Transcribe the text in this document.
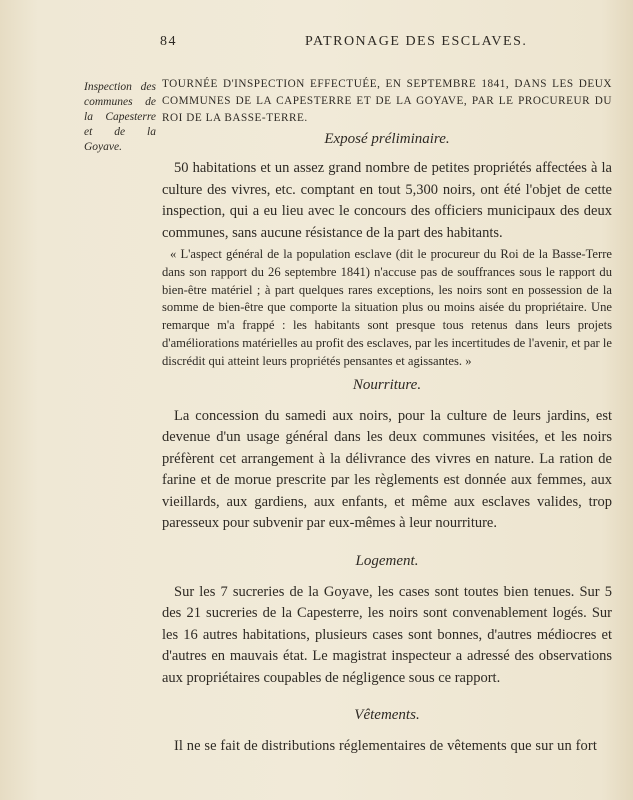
84	PATRONAGE DES ESCLAVES.
Inspection des communes de la Capesterre et de la Goyave.

TOURNÉE D'INSPECTION EFFECTUÉE, EN SEPTEMBRE 1841, DANS LES DEUX COMMUNES DE LA CAPESTERRE ET DE LA GOYAVE, PAR LE PROCUREUR DU ROI DE LA BASSE-TERRE.

Exposé préliminaire.

50 habitations et un assez grand nombre de petites propriétés affectées à la culture des vivres, etc. comptant en tout 5,300 noirs, ont été l'objet de cette inspection, qui a eu lieu avec le concours des officiers municipaux des deux communes, sans aucune résistance de la part des habitants.

« L'aspect général de la population esclave (dit le procureur du Roi de la Basse-Terre dans son rapport du 26 septembre 1841) n'accuse pas de souffrances sous le rapport du bien-être matériel ; à part quelques rares exceptions, les noirs sont en possession de la somme de bien-être que comporte la situation plus ou moins aisée du propriétaire. Une remarque m'a frappé : les habitants sont presque tous retenus dans leurs projets d'améliorations matérielles au profit des esclaves, par les incertitudes de l'avenir, et par le discrédit qui atteint leurs propriétés pensantes et agissantes. »

Nourriture.

La concession du samedi aux noirs, pour la culture de leurs jardins, est devenue d'un usage général dans les deux communes visitées, et les noirs préfèrent cet arrangement à la délivrance des vivres en nature. La ration de farine et de morue prescrite par les règlements est donnée aux femmes, aux vieillards, aux gardiens, aux enfants, et même aux esclaves valides, trop paresseux pour subvenir par eux-mêmes à leur nourriture.

Logement.

Sur les 7 sucreries de la Goyave, les cases sont toutes bien tenues. Sur 5 des 21 sucreries de la Capesterre, les noirs sont convenablement logés. Sur les 16 autres habitations, plusieurs cases sont bonnes, d'autres médiocres et d'autres en mauvais état. Le magistrat inspecteur a adressé des observations aux propriétaires coupables de négligence sous ce rapport.

Vêtements.

Il ne se fait de distributions réglementaires de vêtements que sur un fort
